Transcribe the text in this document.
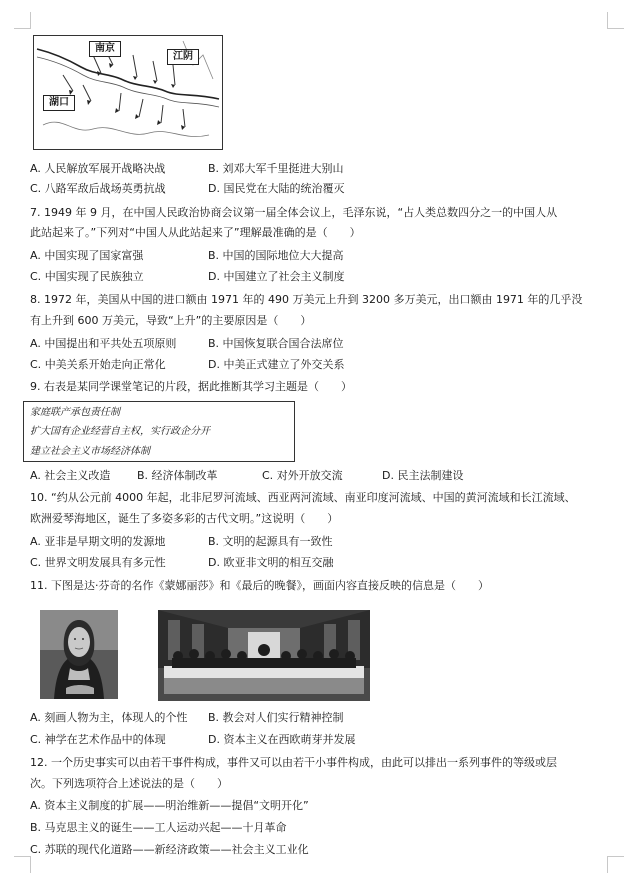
南京
江阴
湖口
A. 人民解放军展开战略决战	B. 刘邓大军千里挺进大别山
C. 八路军敌后战场英勇抗战	D. 国民党在大陆的统治覆灭
7. 1949 年 9 月，在中国人民政治协商会议第一届全体会议上，毛泽东说，“占人类总数四分之一的中国人从
此站起来了。”下列对“中国人从此站起来了”理解最准确的是（　　）
A. 中国实现了国家富强	B. 中国的国际地位大大提高
C. 中国实现了民族独立	D. 中国建立了社会主义制度
8. 1972 年，美国从中国的进口额由 1971 年的 490 万美元上升到 3200 多万美元，出口额由 1971 年的几乎没
有上升到 600 万美元，导致“上升”的主要原因是（　　）
A. 中国提出和平共处五项原则	B. 中国恢复联合国合法席位
C. 中美关系开始走向正常化	D. 中美正式建立了外交关系
9. 右表是某同学课堂笔记的片段，据此推断其学习主题是（　　）
家庭联产承包责任制
扩大国有企业经营自主权，实行政企分开
建立社会主义市场经济体制
A. 社会主义改造 B. 经济体制改革	C. 对外开放交流	D. 民主法制建设
10. “约从公元前 4000 年起，北非尼罗河流域、西亚两河流域、南亚印度河流域、中国的黄河流域和长江流域、
欧洲爱琴海地区，诞生了多姿多彩的古代文明。”这说明（　　）
A. 亚非是早期文明的发源地	B. 文明的起源具有一致性
C. 世界文明发展具有多元性	D. 欧亚非文明的相互交融
11. 下图是达·芬奇的名作《蒙娜丽莎》和《最后的晚餐》，画面内容直接反映的信息是（　　）
A. 刻画人物为主，体现人的个性 B. 教会对人们实行精神控制
C. 神学在艺术作品中的体现	D. 资本主义在西欧萌芽并发展
12. 一个历史事实可以由若干事件构成，事件又可以由若干小事件构成，由此可以排出一系列事件的等级或层
次。下列选项符合上述说法的是（　　）
A. 资本主义制度的扩展——明治维新——提倡“文明开化”
B. 马克思主义的诞生——工人运动兴起——十月革命
C. 苏联的现代化道路——新经济政策——社会主义工业化
